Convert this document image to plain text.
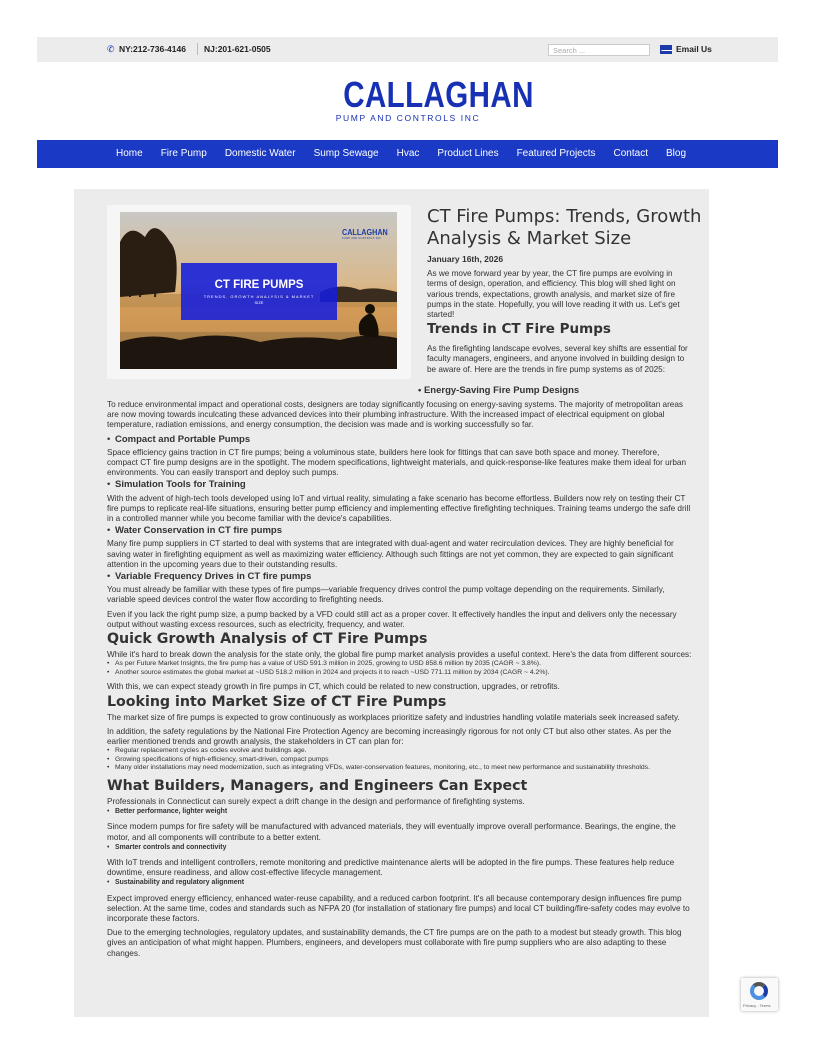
✆ NY:212-736-4146 NJ:201-621-0505
Search ...	Email Us
CALLAGHAN
PUMP AND CONTROLS INC
Home Fire Pump Domestic Water Sump Sewage Hvac Product Lines Featured Projects Contact Blog
CALLAGHAN
PUMP AND CONTROLS INC
CT FIRE PUMPS
TRENDS, GROWTH ANALYSIS & MARKET
SIZE
CT Fire Pumps: Trends, Growth Analysis & Market Size
January 16th, 2026

As we move forward year by year, the CT fire pumps are evolving in terms of design, operation, and efficiency. This blog will shed light on various trends, expectations, growth analysis, and market size of fire pumps in the state. Hopefully, you will love reading it with us. Let's get started!

Trends in CT Fire Pumps

As the firefighting landscape evolves, several key shifts are essential for faculty managers, engineers, and anyone involved in building design to be aware of. Here are the trends in fire pump systems as of 2025:

• Energy-Saving Fire Pump Designs

To reduce environmental impact and operational costs, designers are today significantly focusing on energy-saving systems. The majority of metropolitan areas are now moving towards inculcating these advanced devices into their plumbing infrastructure. With the increased impact of electrical equipment on global temperature, radiation emissions, and energy consumption, the decision was made and is working successfully so far.

• Compact and Portable Pumps

Space efficiency gains traction in CT fire pumps; being a voluminous state, builders here look for fittings that can save both space and money. Therefore, compact CT fire pump designs are in the spotlight. The modern specifications, lightweight materials, and quick-response-like features make them ideal for urban environments. You can easily transport and deploy such pumps.

• Simulation Tools for Training

With the advent of high-tech tools developed using IoT and virtual reality, simulating a fake scenario has become effortless. Builders now rely on testing their CT fire pumps to replicate real-life situations, ensuring better pump efficiency and implementing effective firefighting techniques. Training teams undergo the safe drill in a controlled manner while you become familiar with the device's capabilities.

• Water Conservation in CT fire pumps

Many fire pump suppliers in CT started to deal with systems that are integrated with dual-agent and water recirculation devices. They are highly beneficial for saving water in firefighting equipment as well as maximizing water efficiency. Although such fittings are not yet common, they are expected to gain significant attention in the upcoming years due to their outstanding results.

• Variable Frequency Drives in CT fire pumps

You must already be familiar with these types of fire pumps—variable frequency drives control the pump voltage depending on the requirements. Similarly, variable speed devices control the water flow according to firefighting needs.

Even if you lack the right pump size, a pump backed by a VFD could still act as a proper cover. It effectively handles the input and delivers only the necessary output without wasting excess resources, such as electricity, frequency, and water.

Quick Growth Analysis of CT Fire Pumps

While it's hard to break down the analysis for the state only, the global fire pump market analysis provides a useful context. Here's the data from different sources:

• As per Future Market Insights, the fire pump has a value of USD 591.3 million in 2025, growing to USD 858.6 million by 2035 (CAGR ~ 3.8%).
• Another source estimates the global market at ~USD 518.2 million in 2024 and projects it to reach ~USD 771.11 million by 2034 (CAGR ~ 4.2%).

With this, we can expect steady growth in fire pumps in CT, which could be related to new construction, upgrades, or retrofits.

Looking into Market Size of CT Fire Pumps

The market size of fire pumps is expected to grow continuously as workplaces prioritize safety and industries handling volatile materials seek increased safety.

In addition, the safety regulations by the National Fire Protection Agency are becoming increasingly rigorous for not only CT but also other states. As per the earlier mentioned trends and growth analysis, the stakeholders in CT can plan for:

• Regular replacement cycles as codes evolve and buildings age.
• Growing specifications of high-efficiency, smart-driven, compact pumps
• Many older installations may need modernization, such as integrating VFDs, water-conservation features, monitoring, etc., to meet new performance and sustainability thresholds.
What Builders, Managers, and Engineers Can Expect

Professionals in Connecticut can surely expect a drift change in the design and performance of firefighting systems.

• Better performance, lighter weight

Since modern pumps for fire safety will be manufactured with advanced materials, they will eventually improve overall performance. Bearings, the engine, the motor, and all components will contribute to a better extent.

• Smarter controls and connectivity

With IoT trends and intelligent controllers, remote monitoring and predictive maintenance alerts will be adopted in the fire pumps. These features help reduce downtime, ensure readiness, and allow cost-effective lifecycle management.

• Sustainability and regulatory alignment

Expect improved energy efficiency, enhanced water-reuse capability, and a reduced carbon footprint. It's all because contemporary design influences fire pump selection. At the same time, codes and standards such as NFPA 20 (for installation of stationary fire pumps) and local CT building/fire-safety codes may evolve to incorporate these factors.

Due to the emerging technologies, regulatory updates, and sustainability demands, the CT fire pumps are on the path to a modest but steady growth. This blog gives an anticipation of what might happen. Plumbers, engineers, and developers must collaborate with fire pump suppliers who are also adapting to these changes.

Privacy - Terms
